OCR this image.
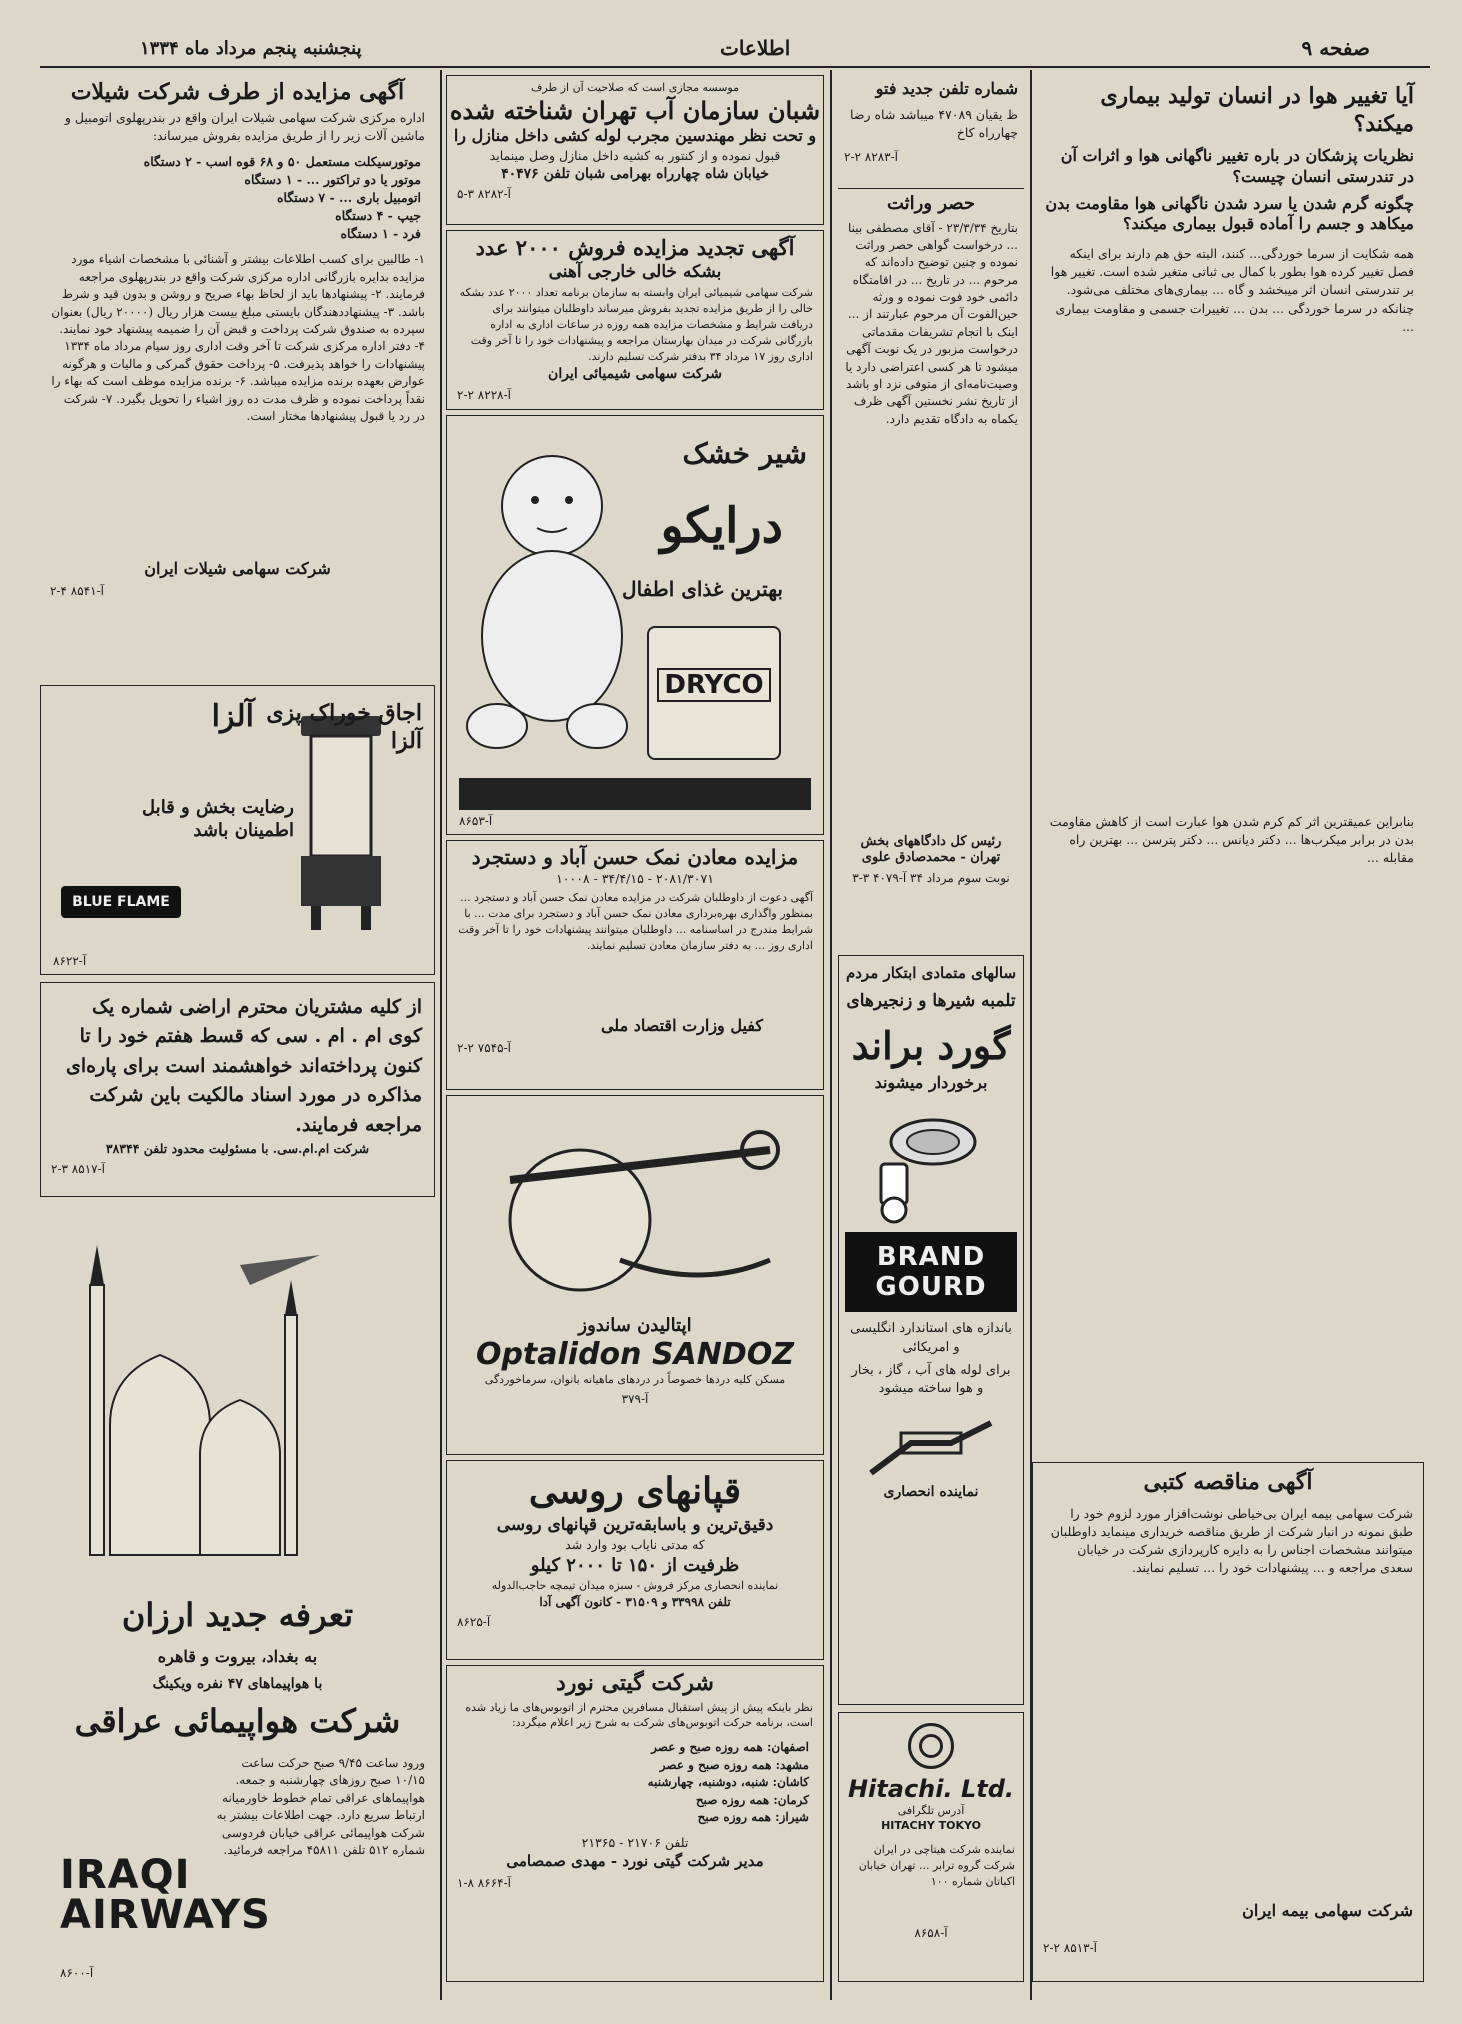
پنجشنبه پنجم مرداد ماه ۱۳۳۴	اطلاعات	صفحه ۹
آیا تغییر هوا در انسان تولید بیماری میکند؟
نظریات پزشکان در باره تغییر ناگهانی هوا و اثرات آن در تندرستی انسان چیست؟
چگونه گرم شدن یا سرد شدن ناگهانی هوا مقاومت بدن میکاهد و جسم را آماده قبول بیماری میکند؟
همه شکایت از سرما خوردگی... کنند، البته حق هم دارند برای اینکه فصل تغییر کرده هوا بطور با کمال بی ثباتی متغیر شده است. تغییر هوا بر تندرستی انسان اثر میبخشد و گاه ... بیماری‌های مختلف می‌شود. چنانکه در سرما خوردگی ... بدن ... تغییرات جسمی و مقاومت بیماری ...
بنابراین عمیقترین اثر کم کرم شدن هوا عبارت است از کاهش مقاومت بدن در برابر میکرب‌ها ... دکتر دیانس ... دکتر پترسن ... بهترین راه مقابله ...
آگهی مناقصه کتبی
شرکت سهامی بیمه ایران بی‌خیاطی نوشت‌افزار مورد لزوم خود را طبق نمونه در انبار شرکت از طریق مناقصه خریداری مینماید داوطلبان میتوانند مشخصات اجناس را به دایره کارپردازی شرکت در خیابان سعدی مراجعه و ... پیشنهادات خود را ... تسلیم نمایند.
شرکت سهامی بیمه ایران
آ-۸۵۱۳ ۲-۲
شماره تلفن جدید فتو
ظ یقیان ۴۷۰۸۹ میباشد شاه رضا چهارراه کاخ
آ-۸۲۸۳ ۲-۲
حصر وراثت
بتاریخ ۲۳/۳/۳۴ - آقای مصطفی بینا ... درخواست گواهی حصر وراثت نموده و چنین توضیح داده‌اند که مرحوم ... در تاریخ ... در اقامتگاه دائمی خود فوت نموده و ورثه حین‌الفوت آن مرحوم عبارتند از ... اینک با انجام تشریفات مقدماتی درخواست مزبور در یک نوبت آگهی میشود تا هر کسی اعتراضی دارد یا وصیت‌نامه‌ای از متوفی نزد او باشد از تاریخ نشر نخستین آگهی ظرف یکماه به دادگاه تقدیم دارد.
رئیس کل دادگاههای بخش تهران - محمدصادق علوی
نوبت سوم مرداد ۳۴ آ-۴۰۷۹ ۳-۳
سالهای متمادی ابتکار مردم
تلمبه شیرها و زنجیرهای
گورد براند
برخوردار میشوند
BRAND GOURD
باندازه های استاندارد انگلیسی و امریکائی
برای لوله های آب ، گاز ، بخار و هوا ساخته میشود
نماینده انحصاری
Hitachi. Ltd.
آدرس تلگرافی
HITACHY TOKYO
نماینده شرکت هیتاچی در ایران شرکت گروه ترابر ... تهران خیابان اکباتان شماره ۱۰۰
آ-۸۶۵۸
موسسه مجازی است که صلاحیت آن از طرف
شبان سازمان آب تهران شناخته شده
و تحت نظر مهندسین مجرب لوله کشی داخل منازل را
قبول نموده و از کنتور به کشیه داخل منازل وصل مینماید
خیابان شاه چهارراه بهرامی شبان تلفن ۴۰۴۷۶
آ-۸۲۸۲ ۳-۵
آگهی تجدید مزایده فروش ۲۰۰۰ عدد
بشکه خالی خارجی آهنی
شرکت سهامی شیمیائی ایران وابسته به سازمان برنامه تعداد ۲۰۰۰ عدد بشکه خالی را از طریق مزایده تجدید بفروش میرساند داوطلبان میتوانند برای دریافت شرایط و مشخصات مزایده همه روزه در ساعات اداری به اداره بازرگانی شرکت در میدان بهارستان مراجعه و پیشنهادات خود را تا آخر وقت اداری روز ۱۷ مرداد ۳۴ بدفتر شرکت تسلیم دارند.
شرکت سهامی شیمیائی ایران
آ-۸۲۲۸ ۲-۲
شیر خشک
درایکو
بهترین غذای اطفال
DRYCO
آ-۸۶۵۳
مزایده معادن نمک حسن آباد و دستجرد
۲۰۸۱/۳۰۷۱ - ۳۴/۴/۱۵ - ۱۰۰۰۸
آگهی دعوت از داوطلبان شرکت در مزایده معادن نمک حسن آباد و دستجرد ... بمنظور واگذاری بهره‌برداری معادن نمک حسن آباد و دستجرد برای مدت ... با شرایط مندرج در اساسنامه ... داوطلبان میتوانند پیشنهادات خود را تا آخر وقت اداری روز ... به دفتر سازمان معادن تسلیم نمایند.
کفیل وزارت اقتصاد ملی
آ-۷۵۴۵ ۲-۲
اپتالیدن ساندوز
Optalidon SANDOZ
مسکن کلیه دردها خصوصاً در دردهای ماهیانه بانوان، سرماخوردگی
آ-۳۷۹
قپانهای روسی
دقیق‌ترین و باسابقه‌ترین قپانهای روسی
که مدتی نایاب بود وارد شد
ظرفیت از ۱۵۰ تا ۲۰۰۰ کیلو
نماینده انحصاری مرکز فروش - سبزه میدان تیمچه حاجب‌الدوله
تلفن ۳۳۹۹۸ و ۳۱۵۰۹ - کانون آگهی آدا
آ-۸۶۲۵
شرکت گیتی نورد
نظر باینکه پیش از پیش استقبال مسافرین محترم از اتوبوس‌های ما زیاد شده است، برنامه حرکت اتوبوس‌های شرکت به شرح زیر اعلام میگردد:
اصفهان: همه روزه صبح و عصر
مشهد: همه روزه صبح و عصر
کاشان: شنبه، دوشنبه، چهارشنبه
کرمان: همه روزه صبح
شیراز: همه روزه صبح
تلفن ۲۱۷۰۶ - ۲۱۳۶۵
مدیر شرکت گیتی نورد - مهدی صمصامی
آ-۸۶۶۴ ۸-۱
آگهی مزایده از طرف شرکت شیلات
اداره مرکزی شرکت سهامی شیلات ایران واقع در بندرپهلوی اتومبیل و ماشین آلات زیر را از طریق مزایده بفروش میرساند:
موتورسیکلت مستعمل ۵۰ و ۶۸ قوه اسب - ۲ دستگاه
موتور یا دو تراکتور ... - ۱ دستگاه
اتومبیل باری ... - ۷ دستگاه
جیپ - ۴ دستگاه
فرد - ۱ دستگاه
۱- طالبین برای کسب اطلاعات بیشتر و آشنائی با مشخصات اشیاء مورد مزایده بدایره بازرگانی اداره مرکزی شرکت واقع در بندرپهلوی مراجعه فرمایند. ۲- پیشنهادها باید از لحاظ بهاء صریح و روشن و بدون قید و شرط باشد. ۳- پیشنهاددهندگان بایستی مبلغ بیست هزار ریال (۲۰۰۰۰ ریال) بعنوان سپرده به صندوق شرکت پرداخت و قبض آن را ضمیمه پیشنهاد خود نمایند. ۴- دفتر اداره مرکزی شرکت تا آخر وقت اداری روز سیام مرداد ماه ۱۳۳۴ پیشنهادات را خواهد پذیرفت. ۵- پرداخت حقوق گمرکی و مالیات و هرگونه عوارض بعهده برنده مزایده میباشد. ۶- برنده مزایده موظف است که بهاء را نقداً پرداخت نموده و ظرف مدت ده روز اشیاء را تحویل بگیرد. ۷- شرکت در رد یا قبول پیشنهادها مختار است.
شرکت سهامی شیلات ایران
آ-۸۵۴۱ ۴-۲
آلزا اجاق خوراک پزی آلزا
رضایت بخش و قابل اطمینان باشد
BLUE FLAME
آ-۸۶۲۲
از کلیه مشتریان محترم اراضی شماره یک کوی ام . ام . سی که قسط هفتم خود را تا کنون پرداخته‌اند خواهشمند است برای پاره‌ای مذاکره در مورد اسناد مالکیت باین شرکت مراجعه فرمایند.
شرکت ام.ام.سی. با مسئولیت محدود تلفن ۳۸۳۴۴
آ-۸۵۱۷ ۳-۲
تعرفه جدید ارزان
به بغداد، بیروت و قاهره
با هواپیماهای ۴۷ نفره ویکینگ
شرکت هواپیمائی عراقی
ورود ساعت ۹/۴۵ صبح حرکت ساعت ۱۰/۱۵ صبح روزهای چهارشنبه و جمعه. هواپیماهای عراقی تمام خطوط خاورمیانه ارتباط سریع دارد. جهت اطلاعات بیشتر به شرکت هواپیمائی عراقی خیابان فردوسی شماره ۵۱۲ تلفن ۴۵۸۱۱ مراجعه فرمائید.
IRAQI
AIRWAYS
آ-۸۶۰۰
